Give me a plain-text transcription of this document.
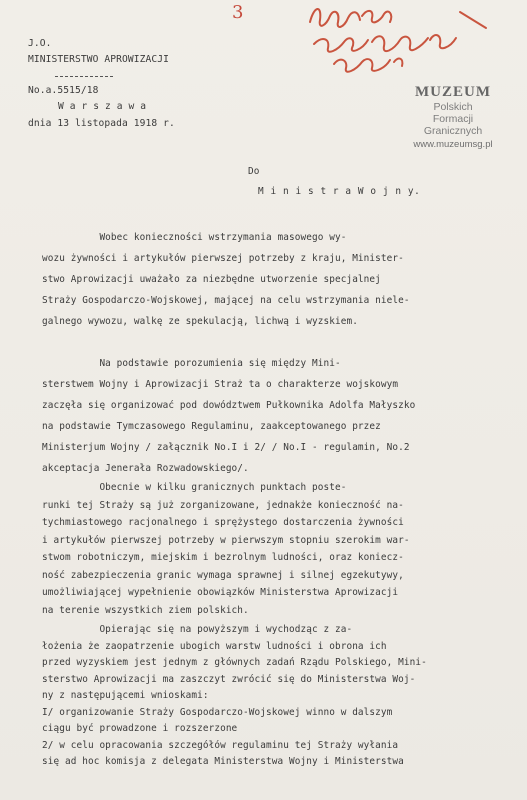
3
J.O.
MINISTERSTWO APROWIZACJI
No.a.5515/18
W a r s z a w a
dnia 13 listopada 1918 r.
MUZEUM
Polskich
Formacji
Granicznych
www.muzeumsg.pl
Do
M i n i s t r a W o j n y.
Wobec konieczności wstrzymania masowego wy-
wozu żywności i artykułów pierwszej potrzeby z kraju, Minister-
stwo Aprowizacji uważało za niezbędne utworzenie specjalnej
Straży Gospodarczo-Wojskowej, mającej na celu wstrzymania niele-
galnego wywozu, walkę ze spekulacją, lichwą i wyzskiem.
Na podstawie porozumienia się między Mini-
sterstwem Wojny i Aprowizacji Straż ta o charakterze wojskowym
zaczęła się organizować pod dowództwem Pułkownika Adolfa Małyszko
na podstawie Tymczasowego Regulaminu, zaakceptowanego przez
Ministerjum Wojny / załącznik No.I i 2/ / No.I - regulamin, No.2
akceptacja Jenerała Rozwadowskiego/.
Obecnie w kilku granicznych punktach poste-
runki tej Straży są już zorganizowane, jednakże konieczność na-
tychmiastowego racjonalnego i sprężystego dostarczenia żywności
i artykułów pierwszej potrzeby w pierwszym stopniu szerokim war-
stwom robotniczym, miejskim i bezrolnym ludności, oraz koniecz-
ność zabezpieczenia granic wymaga sprawnej i silnej egzekutywy,
umożliwiającej wypełnienie obowiązków Ministerstwa Aprowizacji
na terenie wszystkich ziem polskich.
Opierając się na powyższym i wychodząc z za-
łożenia że zaopatrzenie ubogich warstw ludności i obrona ich
przed wyzyskiem jest jednym z głównych zadań Rządu Polskiego, Mini-
sterstwo Aprowizacji ma zaszczyt zwrócić się do Ministerstwa Woj-
ny z następującemi wnioskami:
I/ organizowanie Straży Gospodarczo-Wojskowej winno w dalszym
ciągu być prowadzone i rozszerzone
2/ w celu opracowania szczegółów regulaminu tej Straży wyłania
się ad hoc komisja z delegata Ministerstwa Wojny i Ministerstwa
